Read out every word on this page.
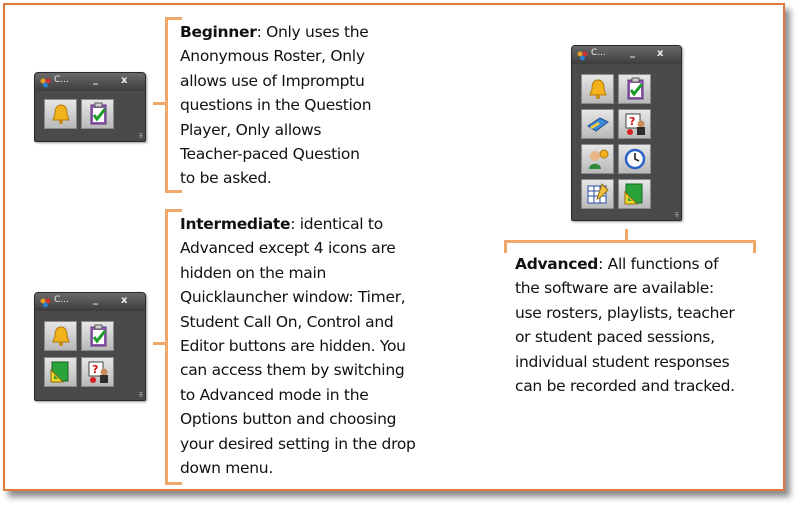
C... _ x
⠿
C... _ x
⠿
C... _ x
⠿
Beginner: Only uses the
Anonymous Roster, Only
allows use of Impromptu
questions in the Question
Player, Only allows
Teacher-paced Question
to be asked.
Intermediate: identical to
Advanced except 4 icons are
hidden on the main
Quicklauncher window: Timer,
Student Call On, Control and
Editor buttons are hidden. You
can access them by switching
to Advanced mode in the
Options button and choosing
your desired setting in the drop
down menu.
Advanced: All functions of
the software are available:
use rosters, playlists, teacher
or student paced sessions,
individual student responses
can be recorded and tracked.
